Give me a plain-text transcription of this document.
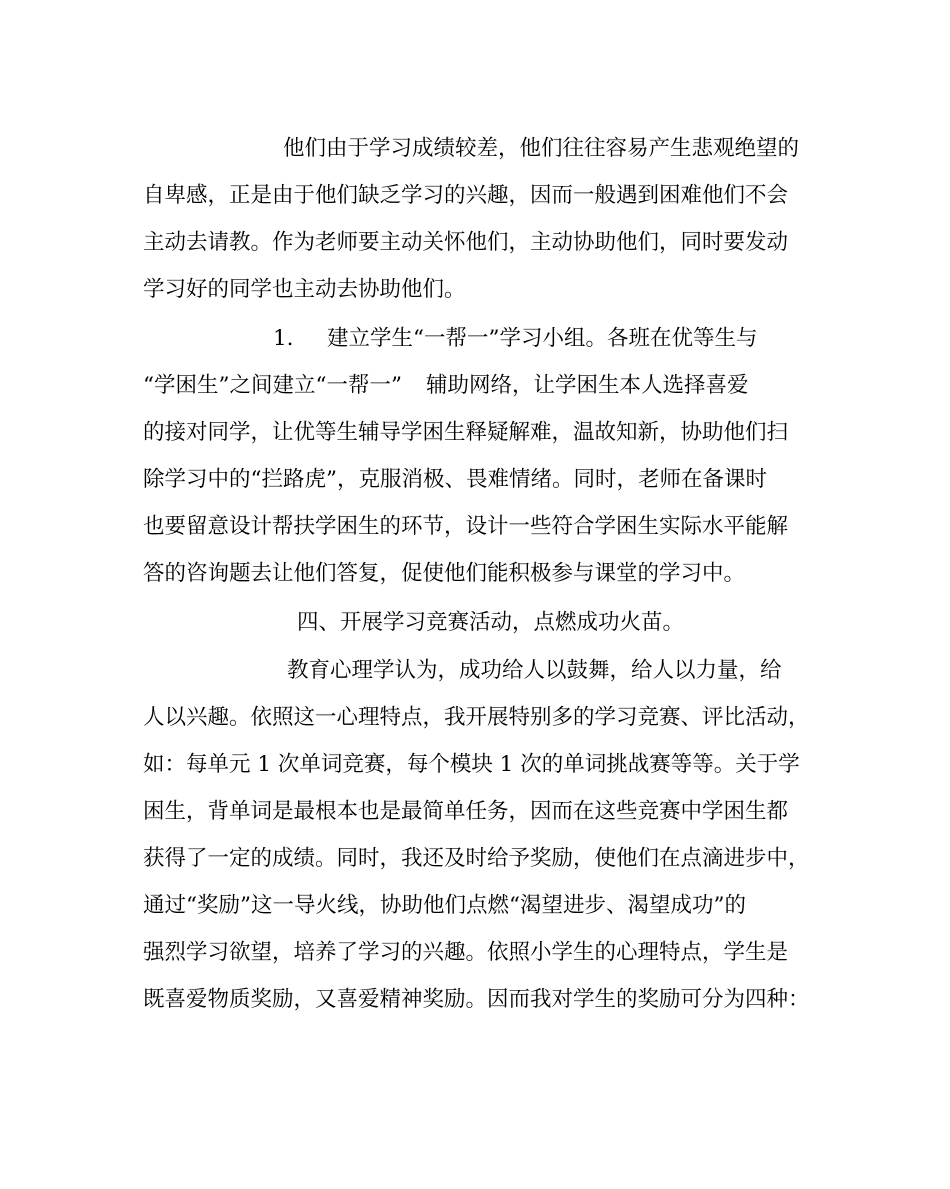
他们由于学习成绩较差，他们往往容易产生悲观绝望的
自卑感，正是由于他们缺乏学习的兴趣，因而一般遇到困难他们不会
主动去请教。作为老师要主动关怀他们，主动协助他们，同时要发动
学习好的同学也主动去协助他们。
1. 建立学生“一帮一”学习小组。各班在优等生与
“学困生”之间建立“一帮一” 辅助网络，让学困生本人选择喜爱
的接对同学，让优等生辅导学困生释疑解难，温故知新，协助他们扫
除学习中的“拦路虎”，克服消极、畏难情绪。同时，老师在备课时
也要留意设计帮扶学困生的环节，设计一些符合学困生实际水平能解
答的咨询题去让他们答复，促使他们能积极参与课堂的学习中。
四、开展学习竞赛活动，点燃成功火苗。
教育心理学认为，成功给人以鼓舞，给人以力量，给
人以兴趣。依照这一心理特点，我开展特别多的学习竞赛、评比活动，
如：每单元 1 次单词竞赛，每个模块 1 次的单词挑战赛等等。关于学
困生，背单词是最根本也是最简单任务，因而在这些竞赛中学困生都
获得了一定的成绩。同时，我还及时给予奖励，使他们在点滴进步中，
通过“奖励”这一导火线，协助他们点燃“渴望进步、渴望成功”的
强烈学习欲望，培养了学习的兴趣。依照小学生的心理特点，学生是
既喜爱物质奖励，又喜爱精神奖励。因而我对学生的奖励可分为四种：
